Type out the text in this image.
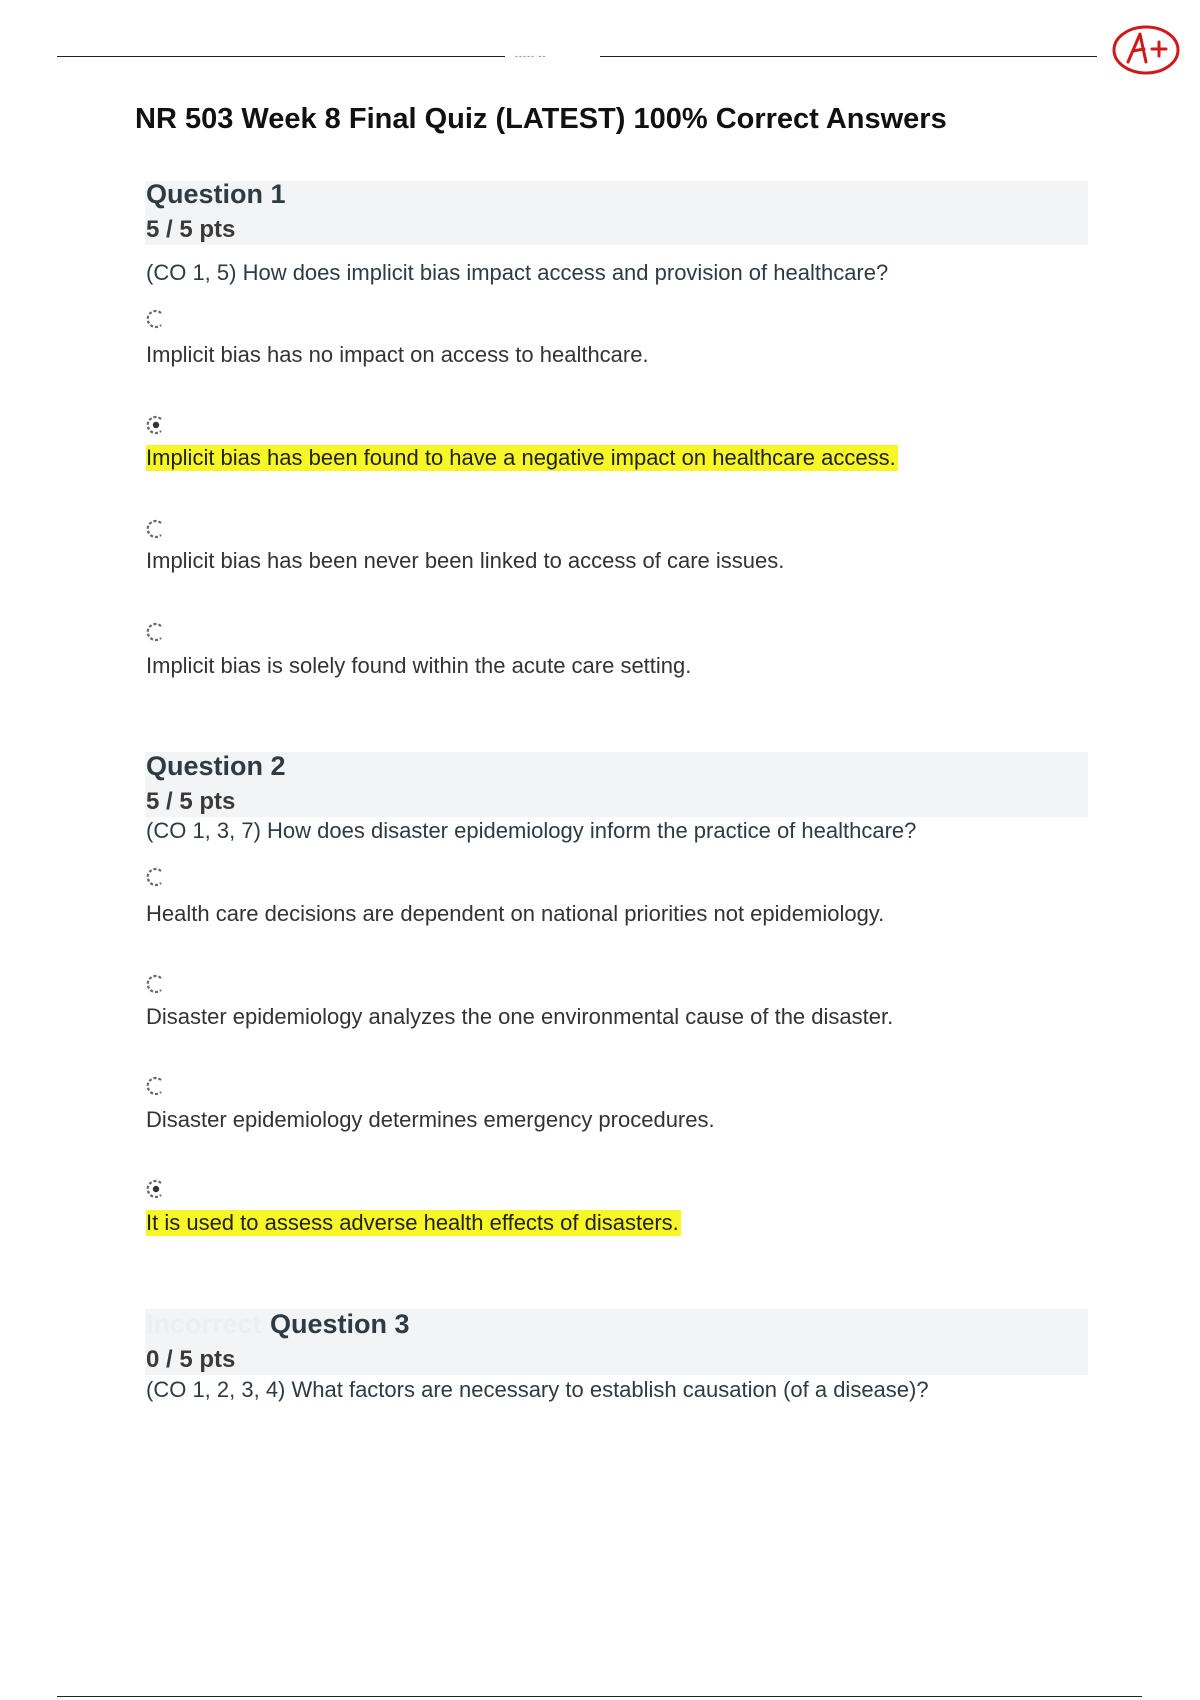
----- --
NR 503 Week 8 Final Quiz (LATEST) 100% Correct Answers
Question 1
5 / 5 pts
(CO 1, 5) How does implicit bias impact access and provision of healthcare?
Implicit bias has no impact on access to healthcare.
Implicit bias has been found to have a negative impact on healthcare access.
Implicit bias has been never been linked to access of care issues.
Implicit bias is solely found within the acute care setting.
Question 2
5 / 5 pts
(CO 1, 3, 7) How does disaster epidemiology inform the practice of healthcare?
Health care decisions are dependent on national priorities not epidemiology.
Disaster epidemiology analyzes the one environmental cause of the disaster.
Disaster epidemiology determines emergency procedures.
It is used to assess adverse health effects of disasters.
Incorrect Question 3
0 / 5 pts
(CO 1, 2, 3, 4) What factors are necessary to establish causation (of a disease)?
